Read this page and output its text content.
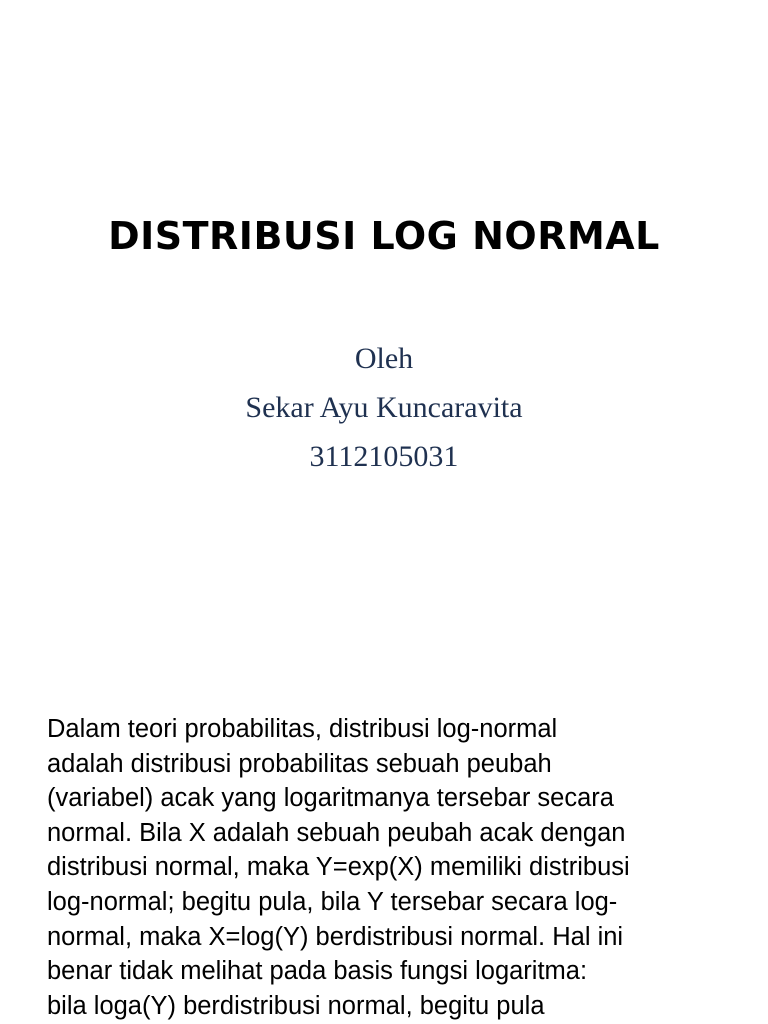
DISTRIBUSI LOG NORMAL
Oleh
Sekar Ayu Kuncaravita
3112105031
Dalam teori probabilitas, distribusi log-normal
adalah distribusi probabilitas sebuah peubah
(variabel) acak yang logaritmanya tersebar secara
normal. Bila X adalah sebuah peubah acak dengan
distribusi normal, maka Y=exp(X) memiliki distribusi
log-normal; begitu pula, bila Y tersebar secara log-
normal, maka X=log(Y) berdistribusi normal. Hal ini
benar tidak melihat pada basis fungsi logaritma:
bila loga(Y) berdistribusi normal, begitu pula
